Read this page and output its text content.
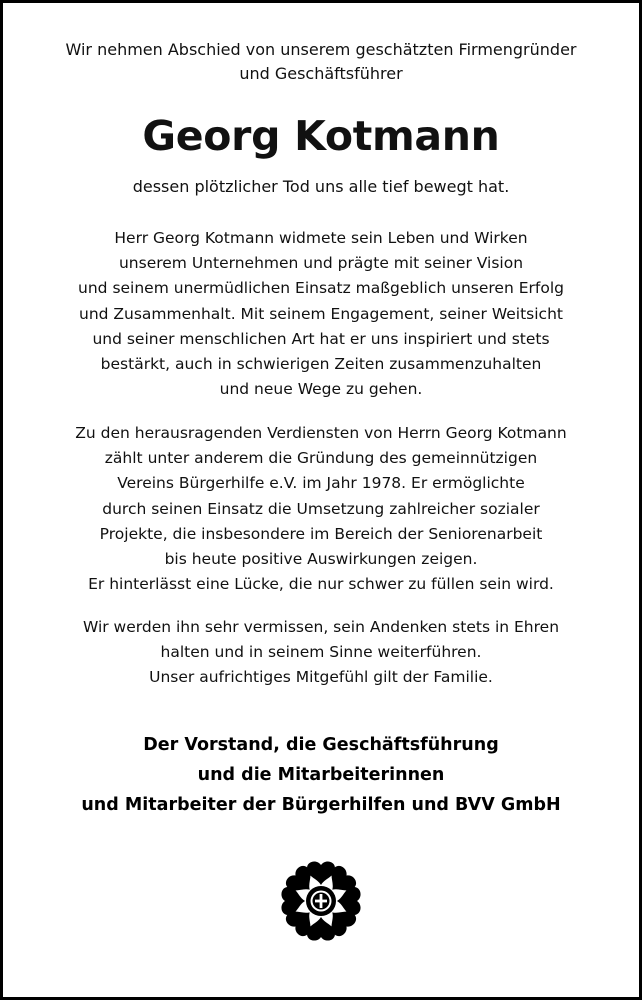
Wir nehmen Abschied von unserem geschätzten Firmengründer

und Geschäftsführer

Georg Kotmann

dessen plötzlicher Tod uns alle tief bewegt hat.

Herr Georg Kotmann widmete sein Leben und Wirken

unserem Unternehmen und prägte mit seiner Vision

und seinem unermüdlichen Einsatz maßgeblich unseren Erfolg

und Zusammenhalt. Mit seinem Engagement, seiner Weitsicht

und seiner menschlichen Art hat er uns inspiriert und stets

bestärkt, auch in schwierigen Zeiten zusammenzuhalten

und neue Wege zu gehen.

Zu den herausragenden Verdiensten von Herrn Georg Kotmann

zählt unter anderem die Gründung des gemeinnützigen

Vereins Bürgerhilfe e.V. im Jahr 1978. Er ermöglichte

durch seinen Einsatz die Umsetzung zahlreicher sozialer

Projekte, die insbesondere im Bereich der Seniorenarbeit

bis heute positive Auswirkungen zeigen.

Er hinterlässt eine Lücke, die nur schwer zu füllen sein wird.

Wir werden ihn sehr vermissen, sein Andenken stets in Ehren

halten und in seinem Sinne weiterführen.

Unser aufrichtiges Mitgefühl gilt der Familie.

Der Vorstand, die Geschäftsführung

und die Mitarbeiterinnen

und Mitarbeiter der Bürgerhilfen und BVV GmbH
